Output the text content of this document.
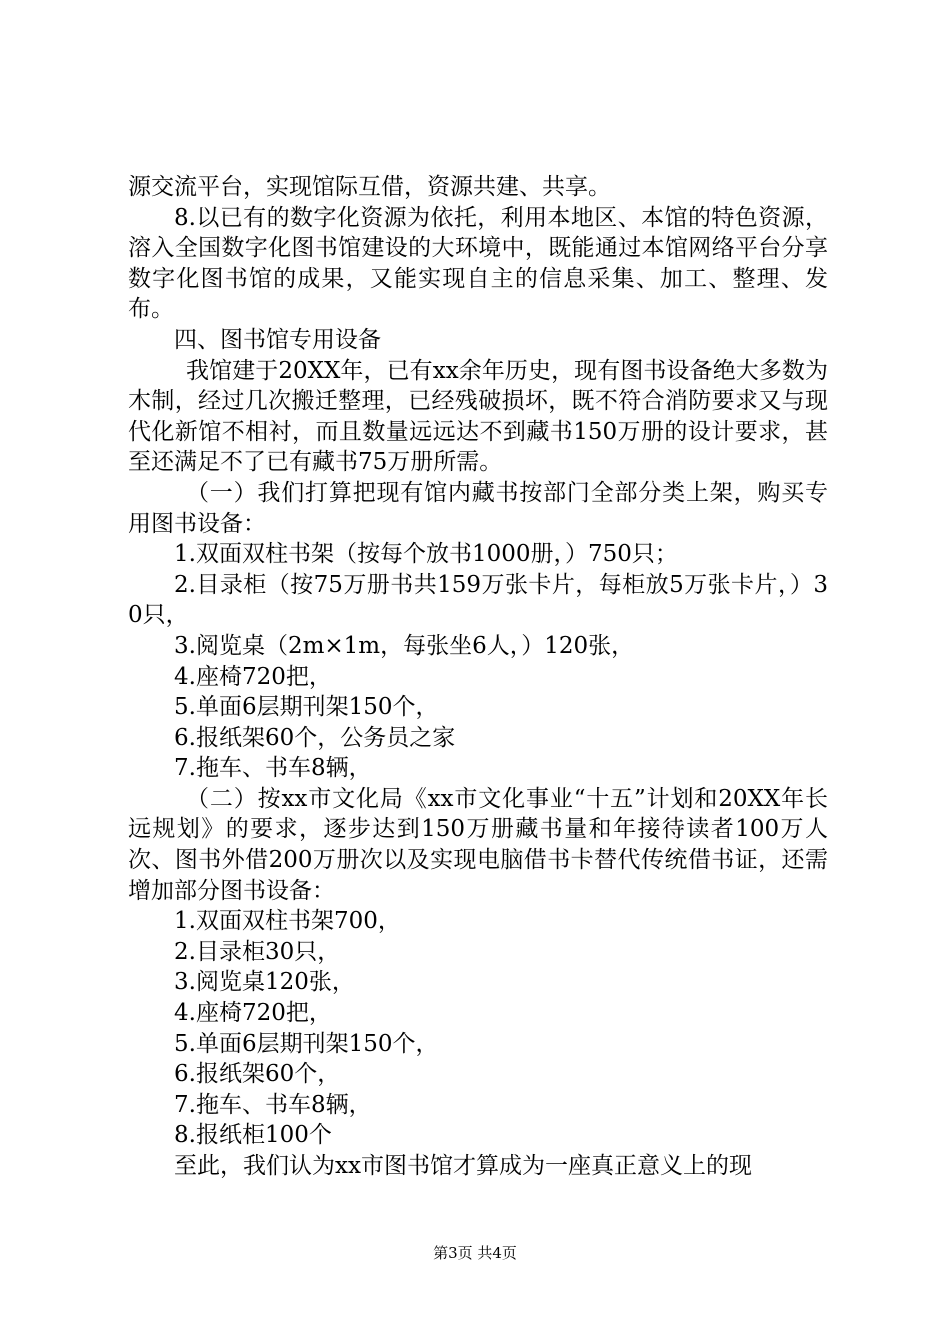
源交流平台，实现馆际互借，资源共建、共享。

8.以已有的数字化资源为依托，利用本地区、本馆的特色资源，溶入全国数字化图书馆建设的大环境中，既能通过本馆网络平台分享数字化图书馆的成果，又能实现自主的信息采集、加工、整理、发布。

四、图书馆专用设备

我馆建于20XX年，已有xx余年历史，现有图书设备绝大多数为木制，经过几次搬迁整理，已经残破损坏，既不符合消防要求又与现代化新馆不相衬，而且数量远远达不到藏书150万册的设计要求，甚至还满足不了已有藏书75万册所需。

（一）我们打算把现有馆内藏书按部门全部分类上架，购买专用图书设备：

1.双面双柱书架（按每个放书1000册，）750只；

2.目录柜（按75万册书共159万张卡片，每柜放5万张卡片，）30只，

3.阅览桌（2m×1m，每张坐6人，）120张，

4.座椅720把，

5.单面6层期刊架150个，

6.报纸架60个，公务员之家

7.拖车、书车8辆，

（二）按xx市文化局《xx市文化事业“十五”计划和20XX年长远规划》的要求，逐步达到150万册藏书量和年接待读者100万人次、图书外借200万册次以及实现电脑借书卡替代传统借书证，还需增加部分图书设备：

1.双面双柱书架700，

2.目录柜30只，

3.阅览桌120张，

4.座椅720把，

5.单面6层期刊架150个，

6.报纸架60个，

7.拖车、书车8辆，

8.报纸柜100个

至此，我们认为xx市图书馆才算成为一座真正意义上的现

第3页 共4页
